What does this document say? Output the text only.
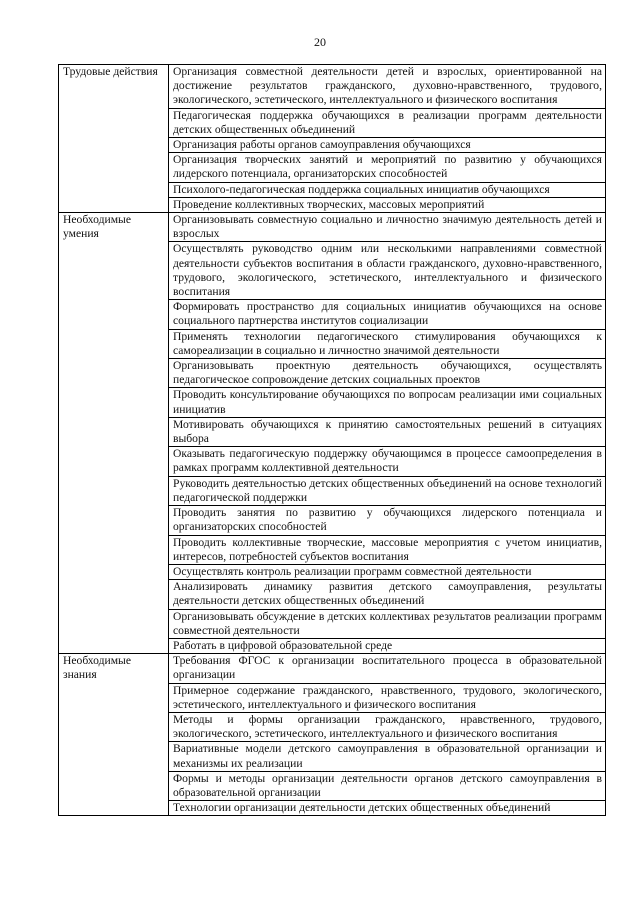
20
Трудовые действия	Организация совместной деятельности детей и взрослых, ориентированной на достижение результатов гражданского, духовно-нравственного, трудового, экологического, эстетического, интеллектуального и физического воспитания
	Педагогическая поддержка обучающихся в реализации программ деятельности детских общественных объединений
	Организация работы органов самоуправления обучающихся
	Организация творческих занятий и мероприятий по развитию у обучающихся лидерского потенциала, организаторских способностей
	Психолого-педагогическая поддержка социальных инициатив обучающихся
	Проведение коллективных творческих, массовых мероприятий
Необходимые умения	Организовывать совместную социально и личностно значимую деятельность детей и взрослых
	Осуществлять руководство одним или несколькими направлениями совместной деятельности субъектов воспитания в области гражданского, духовно-нравственного, трудового, экологического, эстетического, интеллектуального и физического воспитания
	Формировать пространство для социальных инициатив обучающихся на основе социального партнерства институтов социализации
	Применять технологии педагогического стимулирования обучающихся к самореализации в социально и личностно значимой деятельности
	Организовывать проектную деятельность обучающихся, осуществлять педагогическое сопровождение детских социальных проектов
	Проводить консультирование обучающихся по вопросам реализации ими социальных инициатив
	Мотивировать обучающихся к принятию самостоятельных решений в ситуациях выбора
	Оказывать педагогическую поддержку обучающимся в процессе самоопределения в рамках программ коллективной деятельности
	Руководить деятельностью детских общественных объединений на основе технологий педагогической поддержки
	Проводить занятия по развитию у обучающихся лидерского потенциала и организаторских способностей
	Проводить коллективные творческие, массовые мероприятия с учетом инициатив, интересов, потребностей субъектов воспитания
	Осуществлять контроль реализации программ совместной деятельности
	Анализировать динамику развития детского самоуправления, результаты деятельности детских общественных объединений
	Организовывать обсуждение в детских коллективах результатов реализации программ совместной деятельности
	Работать в цифровой образовательной среде
Необходимые знания	Требования ФГОС к организации воспитательного процесса в образовательной организации
	Примерное содержание гражданского, нравственного, трудового, экологического, эстетического, интеллектуального и физического воспитания
	Методы и формы организации гражданского, нравственного, трудового, экологического, эстетического, интеллектуального и физического воспитания
	Вариативные модели детского самоуправления в образовательной организации и механизмы их реализации
	Формы и методы организации деятельности органов детского самоуправления в образовательной организации
	Технологии организации деятельности детских общественных объединений
